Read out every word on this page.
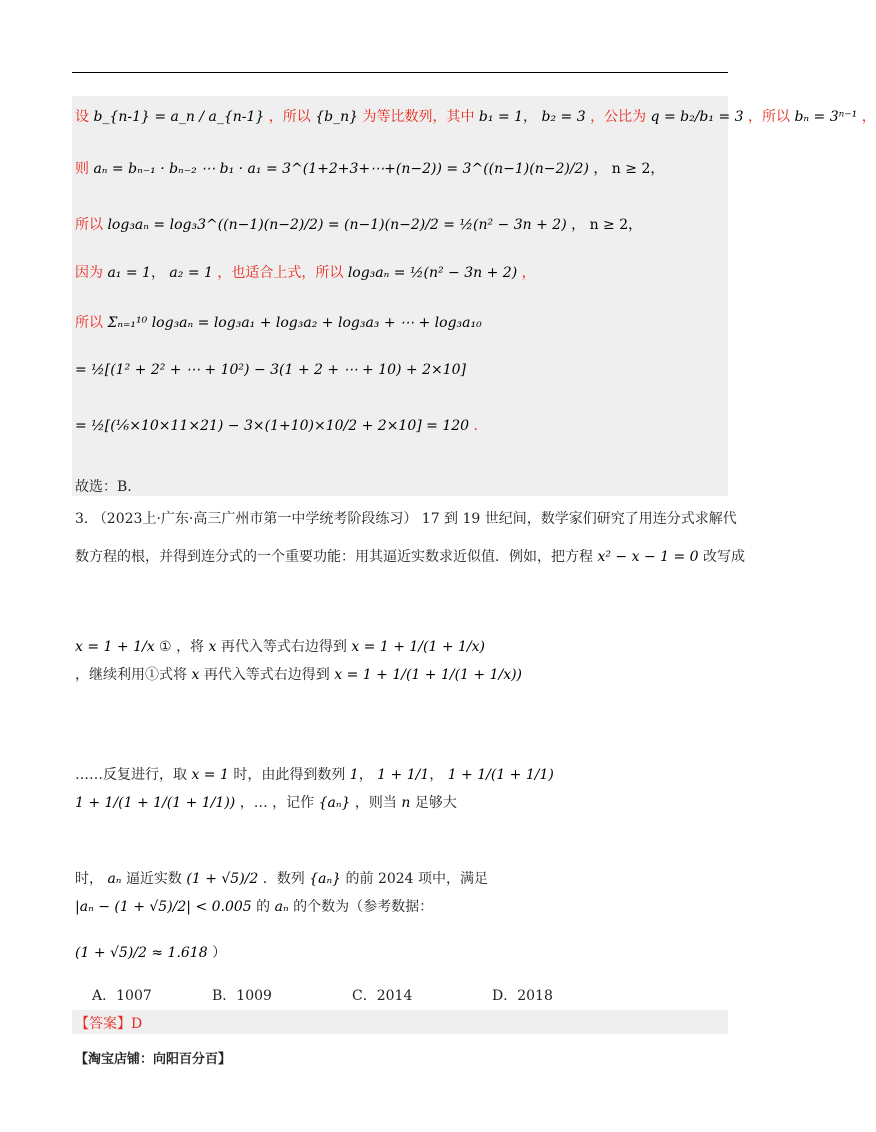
设 b_{n-1} = a_n / a_{n-1} ，所以 {b_n} 为等比数列，其中 b₁ = 1， b₂ = 3 ，公比为 q = b₂/b₁ = 3 ，所以 bₙ = 3ⁿ⁻¹ ，
则 aₙ = bₙ₋₁ · bₙ₋₂ ⋯ b₁ · a₁ = 3^(1+2+3+⋯+(n−2)) = 3^((n−1)(n−2)/2) ， n ≥ 2，
所以 log₃aₙ = log₃3^((n−1)(n−2)/2) = (n−1)(n−2)/2 = ½(n² − 3n + 2) ， n ≥ 2，
因为 a₁ = 1， a₂ = 1 ，也适合上式，所以 log₃aₙ = ½(n² − 3n + 2) ，
所以 Σₙ₌₁¹⁰ log₃aₙ = log₃a₁ + log₃a₂ + log₃a₃ + ⋯ + log₃a₁₀
= ½[(1² + 2² + ⋯ + 10²) − 3(1 + 2 + ⋯ + 10) + 2×10]
= ½[(⅙×10×11×21) − 3×(1+10)×10/2 + 2×10] = 120 .
故选：B.
3. （2023上·广东·高三广州市第一中学统考阶段练习） 17 到 19 世纪间，数学家们研究了用连分式求解代
数方程的根，并得到连分式的一个重要功能：用其逼近实数求近似值．例如，把方程 x² − x − 1 = 0 改写成
x = 1 + 1/x ① ，将 x 再代入等式右边得到 x = 1 + 1/(1 + 1/x)
，继续利用①式将 x 再代入等式右边得到 x = 1 + 1/(1 + 1/(1 + 1/x))
……反复进行，取 x = 1 时，由此得到数列 1， 1 + 1/1， 1 + 1/(1 + 1/1)
1 + 1/(1 + 1/(1 + 1/1)) ，… ，记作 {aₙ} ，则当 n 足够大
时， aₙ 逼近实数 (1 + √5)/2 ．数列 {aₙ} 的前 2024 项中，满足
|aₙ − (1 + √5)/2| < 0.005 的 aₙ 的个数为（参考数据：
(1 + √5)/2 ≈ 1.618 ）
A．1007	B．1009	C．2014	D．2018
【答案】D
【淘宝店铺：向阳百分百】
